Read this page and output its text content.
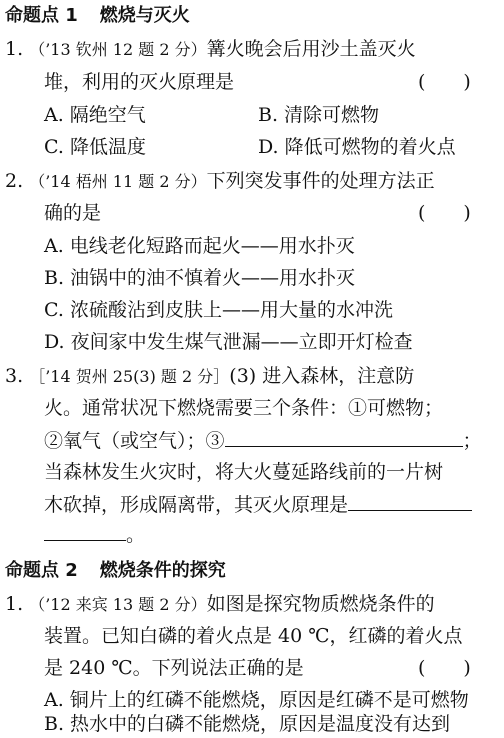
命题点 1 燃烧与灭火
1. （’13 钦州 12 题 2 分）篝火晚会后用沙土盖灭火
堆，利用的灭火原理是	(　　)
A. 隔绝空气	B. 清除可燃物
C. 降低温度	D. 降低可燃物的着火点
2. （’14 梧州 11 题 2 分）下列突发事件的处理方法正
确的是	(　　)
A. 电线老化短路而起火——用水扑灭
B. 油锅中的油不慎着火——用水扑灭
C. 浓硫酸沾到皮肤上——用大量的水冲洗
D. 夜间家中发生煤气泄漏——立即开灯检查
3. ［’14 贺州 25(3) 题 2 分］(3) 进入森林，注意防
火。通常状况下燃烧需要三个条件：①可燃物；
②氧气（或空气）；③	；
当森林发生火灾时，将大火蔓延路线前的一片树
木砍掉，形成隔离带，其灭火原理是
。
命题点 2 燃烧条件的探究
1. （’12 来宾 13 题 2 分）如图是探究物质燃烧条件的
装置。已知白磷的着火点是 40 ℃，红磷的着火点
是 240 ℃。下列说法正确的是	(　　)
A. 铜片上的红磷不能燃烧，原因是红磷不是可燃物
B. 热水中的白磷不能燃烧，原因是温度没有达到
